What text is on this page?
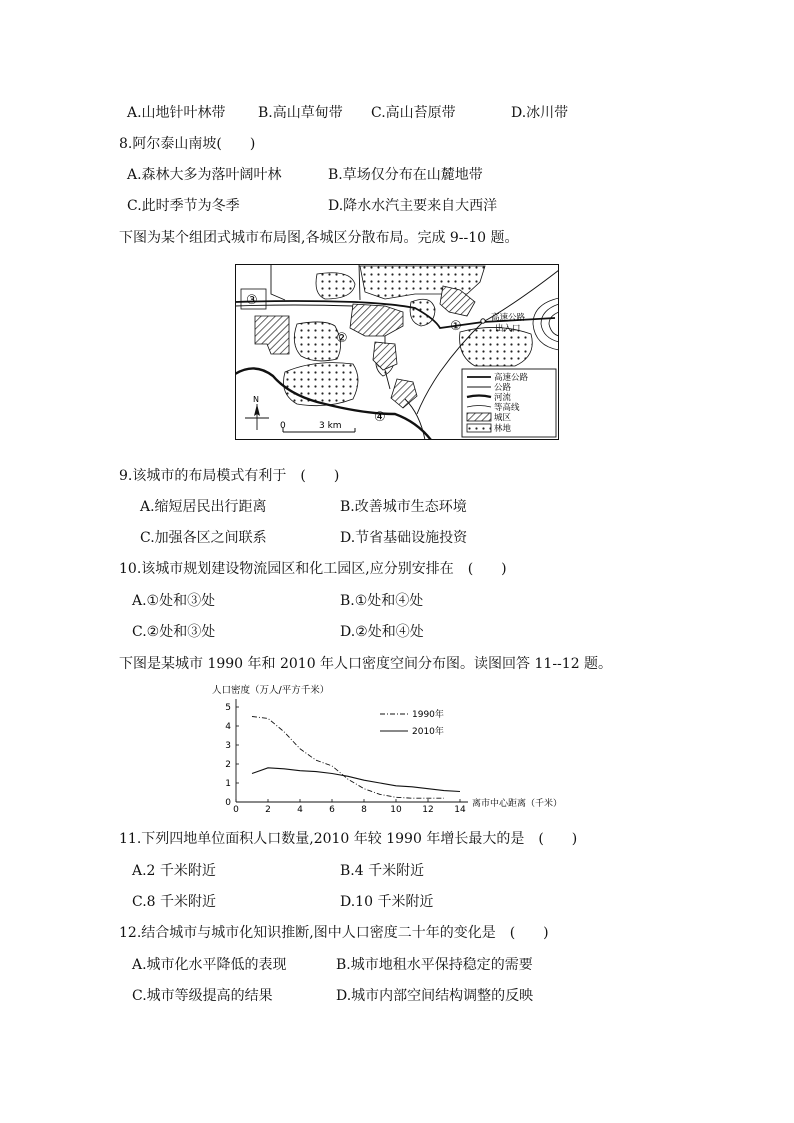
A.山地针叶林带 B.高山草甸带 C.高山苔原带	D.冰川带
8.阿尔泰山南坡(　　)
A.森林大多为落叶阔叶林	B.草场仅分布在山麓地带
C.此时季节为冬季	D.降水水汽主要来自大西洋
下图为某个组团式城市布局图,各城区分散布局。完成 9--10 题。
高速公路
出入口
③
①
②
④
N
0	3 km
高速公路
公路
河流
等高线
城区
林地
9.该城市的布局模式有利于　(　　)
A.缩短居民出行距离	B.改善城市生态环境
C.加强各区之间联系	D.节省基础设施投资
10.该城市规划建设物流园区和化工园区,应分别安排在　(　　)
A.①处和③处	B.①处和④处
C.②处和③处	D.②处和④处
下图是某城市 1990 年和 2010 年人口密度空间分布图。读图回答 11--12 题。
人口密度（万人/平方千米）
0	2	4	6	8	10 12 14
0
1
2
3
4
5
1990年
2010年
离市中心距离（千米）
11.下列四地单位面积人口数量,2010 年较 1990 年增长最大的是　(　　)
A.2 千米附近	B.4 千米附近
C.8 千米附近	D.10 千米附近
12.结合城市与城市化知识推断,图中人口密度二十年的变化是　(　　)
A.城市化水平降低的表现	B.城市地租水平保持稳定的需要
C.城市等级提高的结果	D.城市内部空间结构调整的反映
